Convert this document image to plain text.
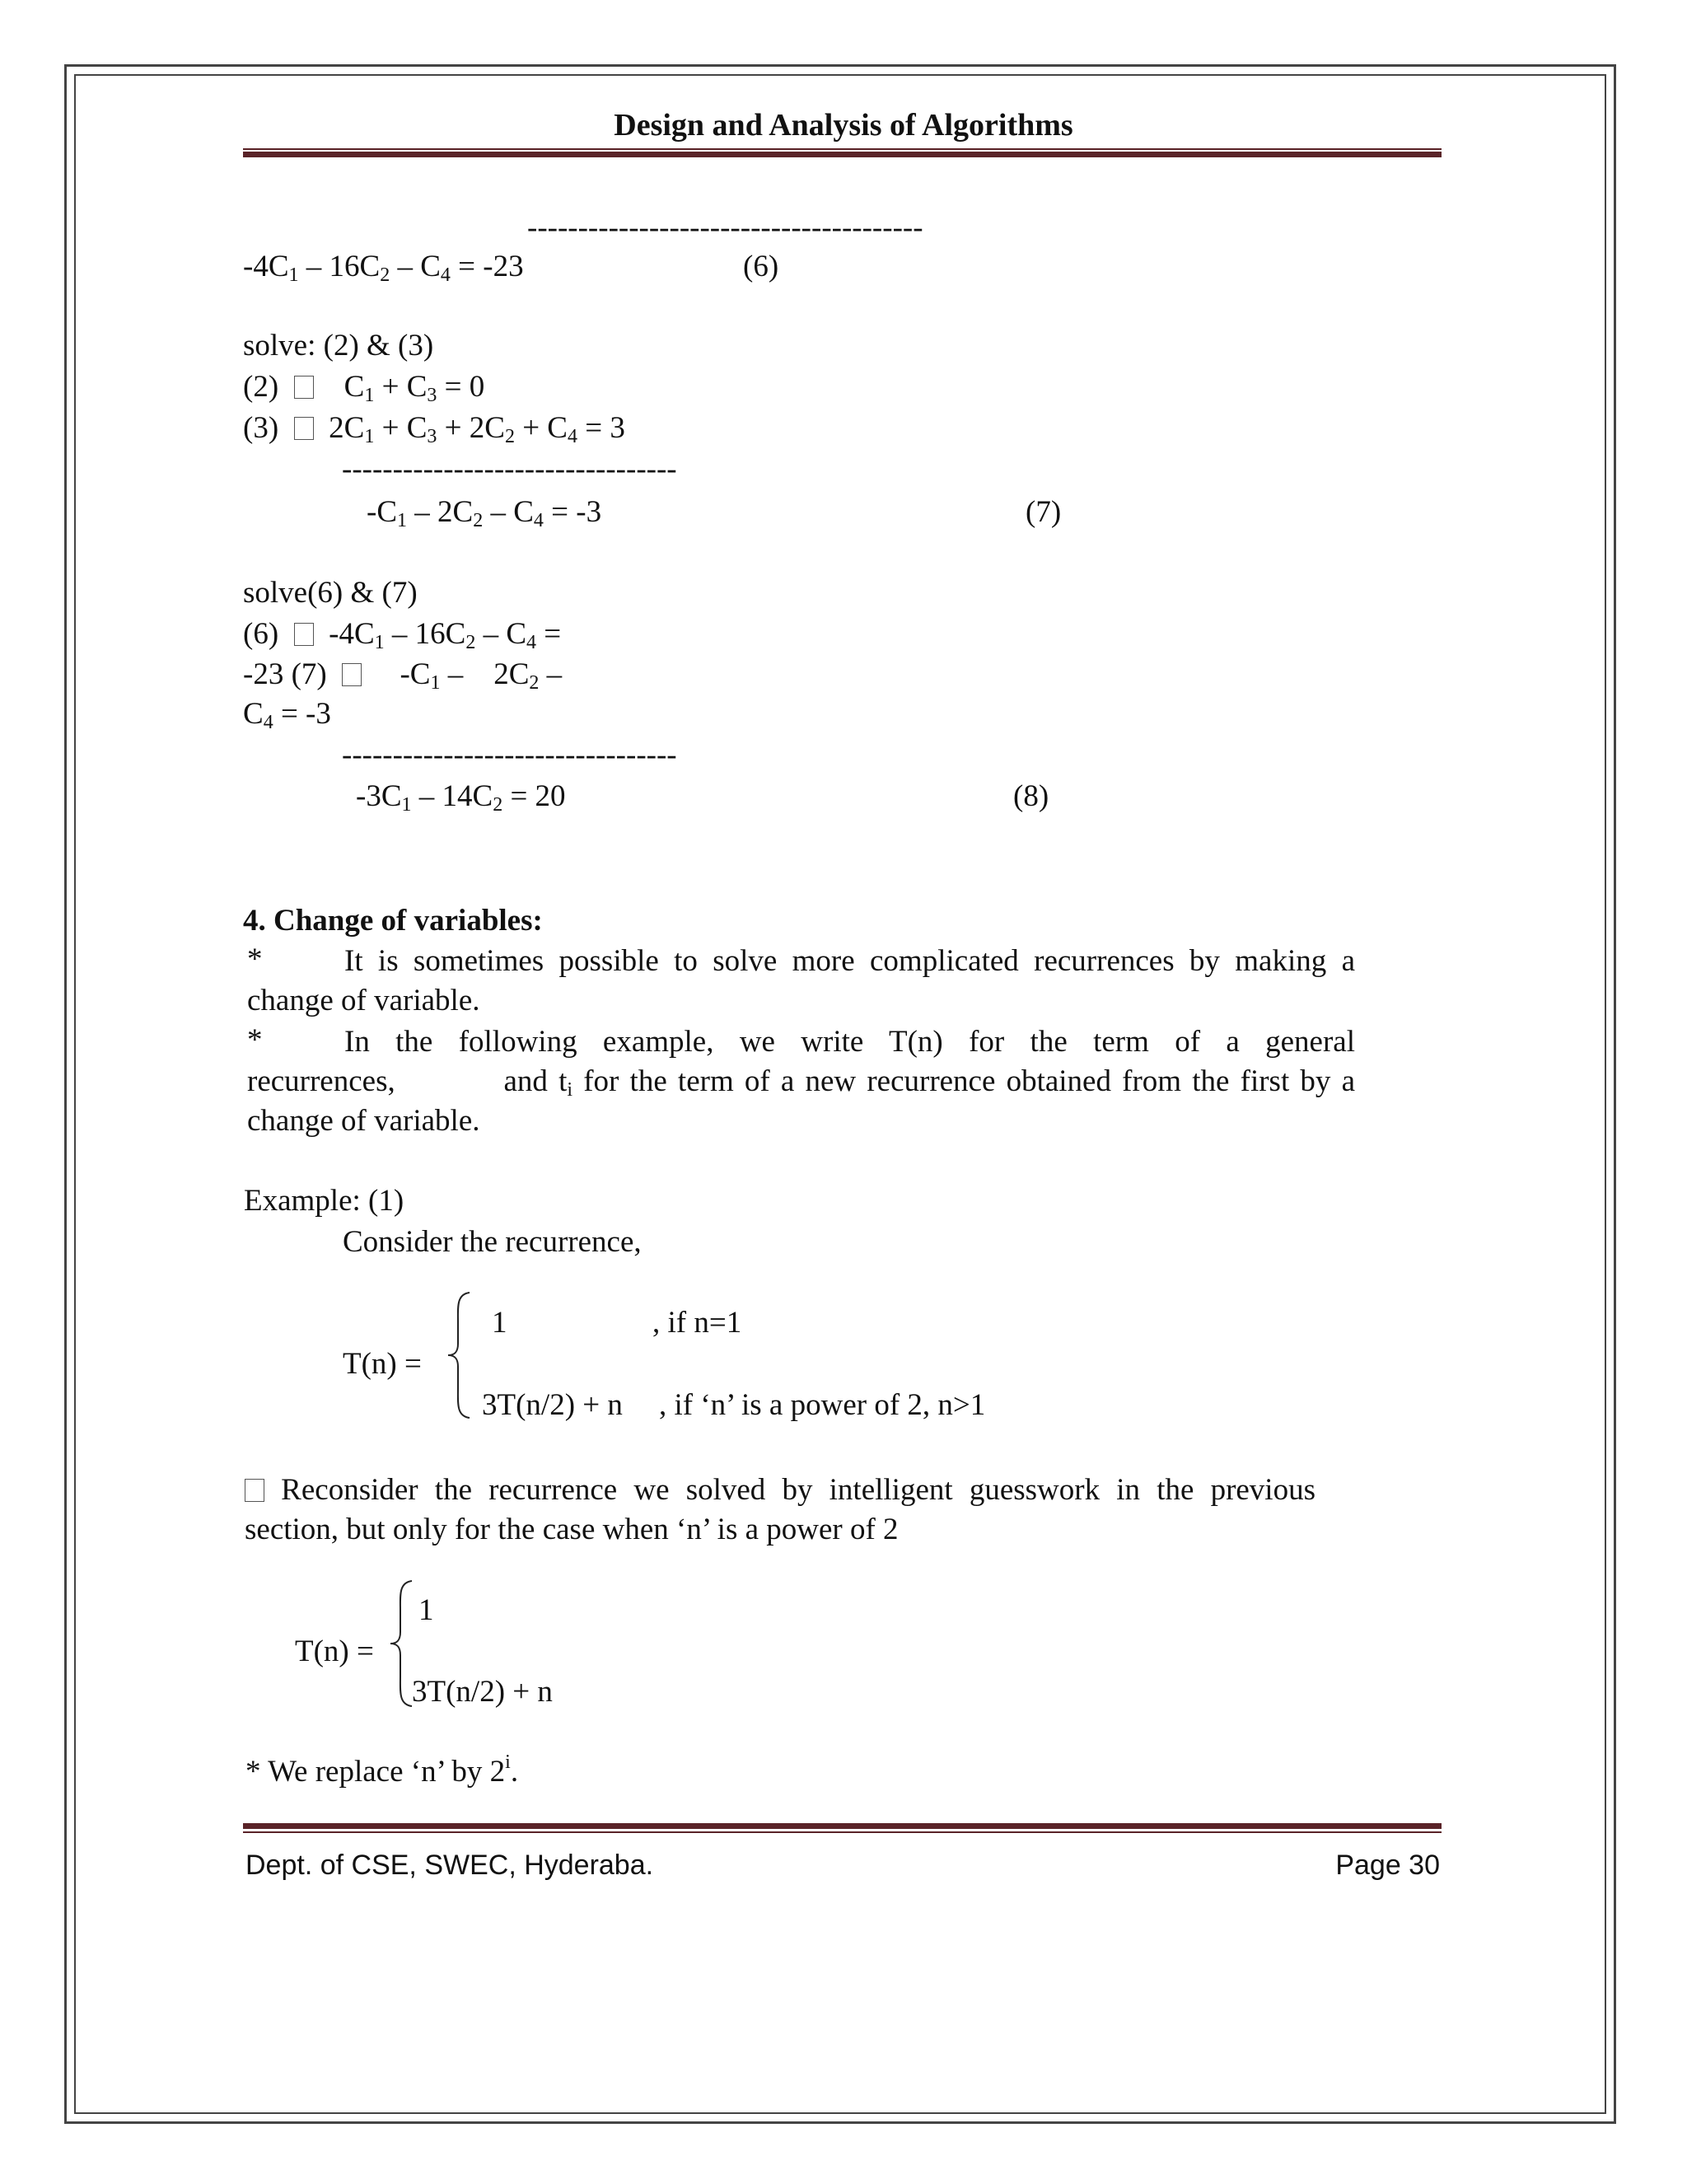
Design and Analysis of Algorithms
---------------------------------------
$-4C_1 - 16C_2 - C_4 = -23$	(6)
solve: (2) & (3)
(2)      $C_1 + C_3 = 0$
(3)    $2C_1 + C_3 + 2C_2 + C_4 = 3$
---------------------------------
$-C_1 - 2C_2 - C_4 = -3$	(7)
solve(6) & (7)
(6)    $-4C_1 - 16C_2 - C_4$ =
-23 (7)       $-C_1$ –    $2C_2$ –
$C_4 = -3$
---------------------------------
$-3C_1 - 14C_2 = 20$	(8)
4. Change of variables:
*	It is sometimes possible to solve more complicated recurrences by making a change of variable.
*	In the following example, we write T(n) for the term of a general recurrences,	and $t_i$ for the term of a new recurrence obtained from the first by a change of variable.
Example: (1)
Consider the recurrence,
T(n) =
1	, if n=1
3T(n/2) + n , if ‘n’ is a power of 2, n>1
Reconsider the recurrence we solved by intelligent guesswork in the previous section, but only for the case when ‘n’ is a power of 2
T(n) =
1
3T(n/2) + n
* We replace ‘n’ by 2$^i$.
Dept. of CSE, SWEC, Hyderaba.	Page 30
